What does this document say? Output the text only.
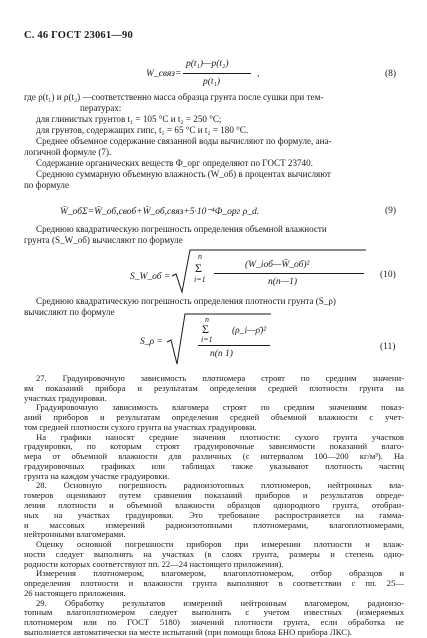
С. 46 ГОСТ 23061—90
W_связ=
p(t₁)—p(t₂)
p(t₁)
,	(8)
где ρ(t₁) и ρ(t₂) —соответственно масса образца грунта после сушки при тем-
пературах:
для глинистых грунтов t₁ = 105 °С и t₂ = 250 °С;
для грунтов, содержащих гипс, t₁ = 65 °С и t₂ = 180 °С.
Среднее объемное содержание связанной воды вычисляют по формуле, ана-
логичной формуле (7).
Содержание органических веществ Ф_орг определяют по ГОСТ 23740.
Среднюю суммарную объемную влажность (W_об) в процентах вычисляют
по формуле
W̄_обΣ=W̄_об,своб+W̄_об,связ+5·10⁻⁴Ф_орг ρ_d.	(9)
Среднюю квадратическую погрешность определения объемной влажности
грунта (S_W_об) вычисляют по формуле
S_W_об =
n
Σ
i=1
(W_iоб—W̄_об)²
n(n—1)
(10)
Среднюю квадратическую погрешность определения плотности грунта (S_ρ)
вычисляют по формуле
S_ρ =
n
Σ
i=1
(ρ_i—ρ̄)²
n(n 1)
(11)
27. Градуировочную зависимость плотномера строят по средним значени-
ям показаний прибора и результатам определения средней плотности грунта на
участках градуировки.
Градуировочную зависимость влагомера строят по средним значениям показ-
аний приборов и результатам определения средней объемной влажности с учет-
том средней плотности сухого грунта на участках градуировки.
На графики наносят средние значения плотности: сухого грунта участков
градуировки, по которым строят градуировочные зависимости показаний влаго-
мера от объемной влажности для различных (с интервалом 100—200 кг/м³). На
градуировочных графиках или таблицах также указывают плотность частиц
грунта на каждом участке градуировки.
28. Основную погрешность радиоизотопных плотномеров, нейтронных вла-
гомеров оценивают путем сравнения показаний приборов и результатов опреде-
ления плотности и объемной влажности образцов однородного грунта, отобран-
ных на участках градуировки. Это требование распространяется на гамма-
и массовых измерений радиоизотопными плотномерами, влагоплотномерами,
нейтронными влагомерами.
Оценку основной погрешности приборов при измерении плотности и влаж-
ности следует выполнять на участках (в слоях грунта, размеры и степень одно-
родности которых соответствуют пп. 22—24 настоящего приложения).
Измерения плотномером, влагомером, влагоплотномером, отбор образцов и
определения плотности и влажности грунта выполняют в соответствии с пп. 25—
26 настоящего приложения.
29. Обработку результатов измерений нейтронным влагомером, радиоизо-
топным влагоплотномером следует выполнять с учетом известных (измеряемых
плотномером или по ГОСТ 5180) значений плотности грунта, если обработка не
выполняется автоматически на месте испытаний (при помощи блока БНО прибора ЛКС).
